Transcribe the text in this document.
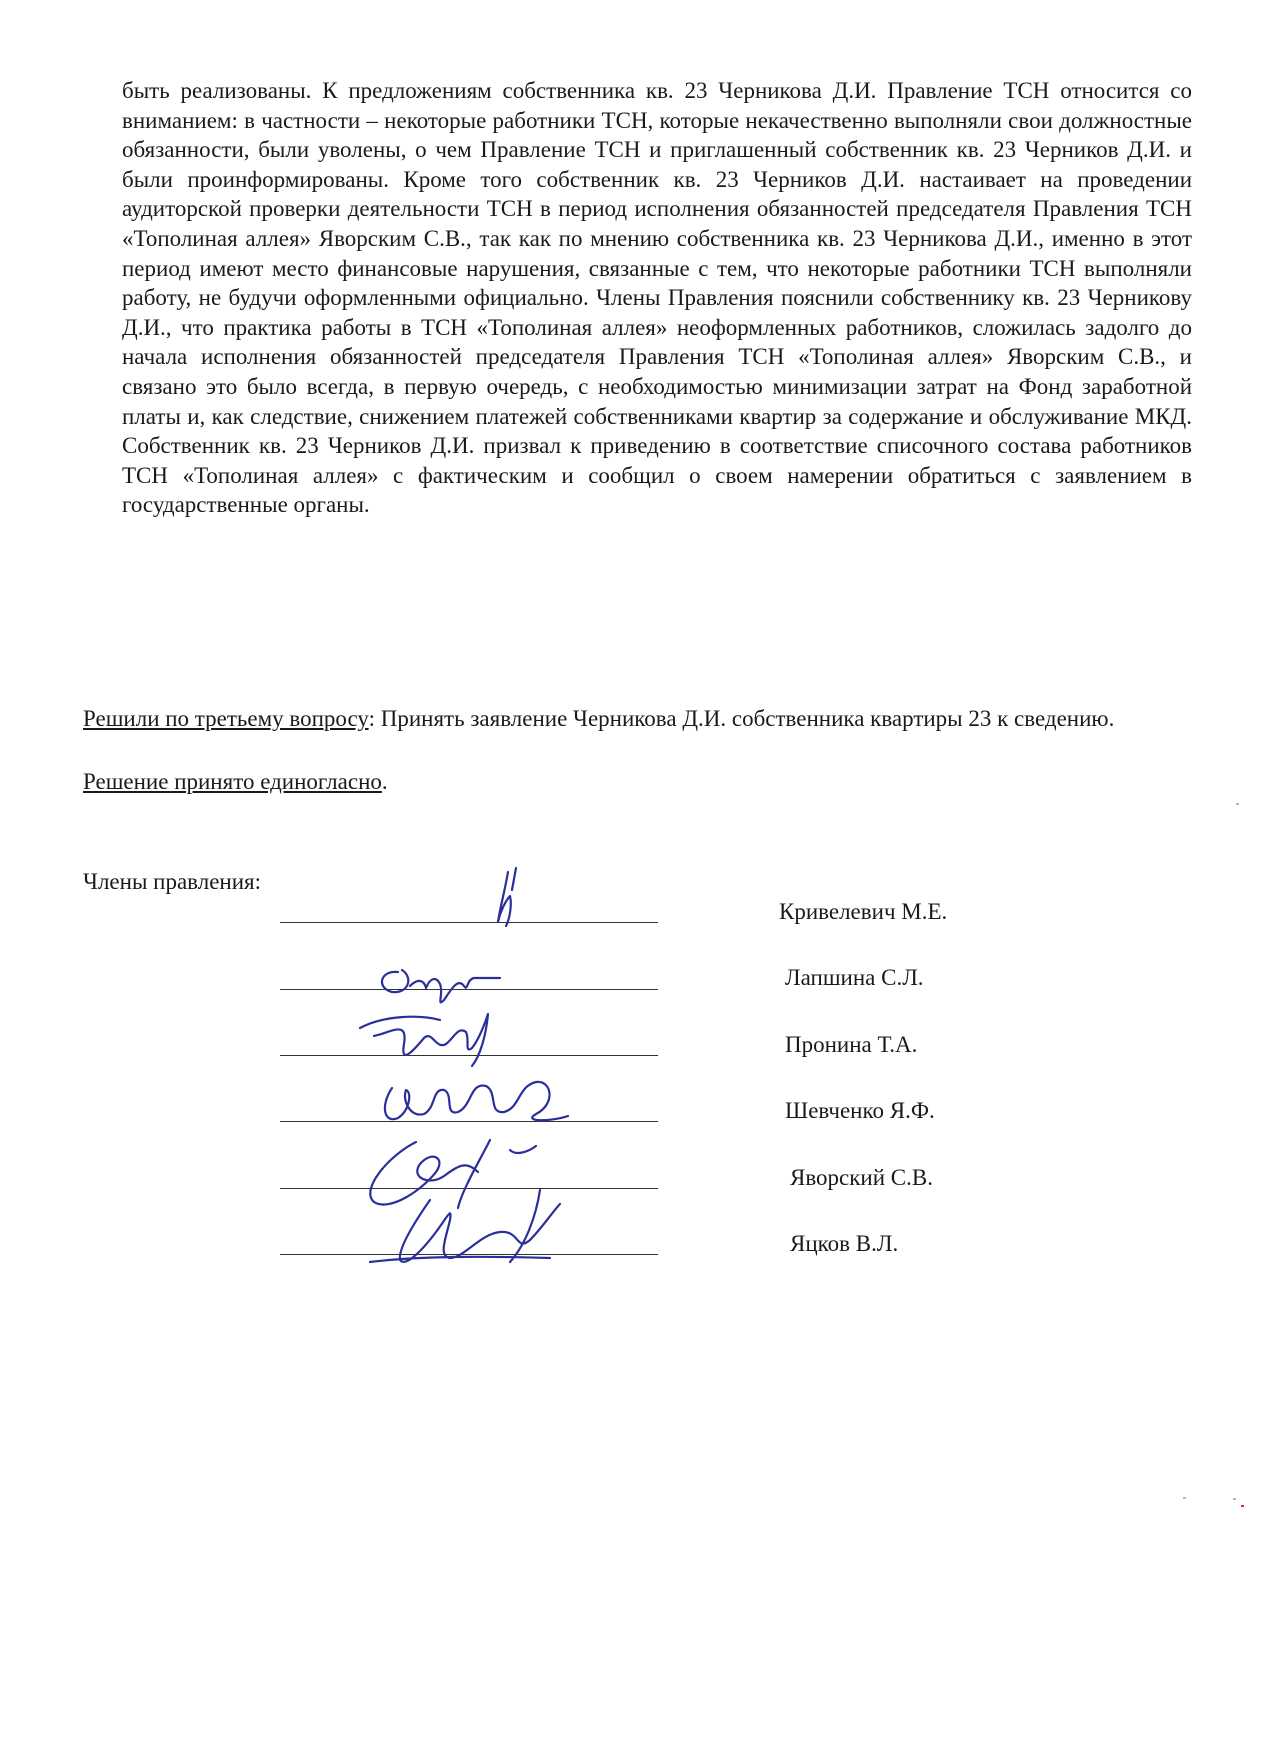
быть реализованы. К предложениям собственника кв. 23 Черникова Д.И. Правление ТСН относится со вниманием: в частности – некоторые работники ТСН, которые некачественно выполняли свои должностные обязанности, были уволены, о чем Правление ТСН и приглашенный собственник кв. 23 Черников Д.И. и были проинформированы. Кроме того собственник кв. 23 Черников Д.И. настаивает на проведении аудиторской проверки деятельности ТСН в период исполнения обязанностей председателя Правления ТСН «Тополиная аллея» Яворским С.В., так как по мнению собственника кв. 23 Черникова Д.И., именно в этот период имеют место финансовые нарушения, связанные с тем, что некоторые работники ТСН выполняли работу, не будучи оформленными официально. Члены Правления пояснили собственнику кв. 23 Черникову Д.И., что практика работы в ТСН «Тополиная аллея» неоформленных работников, сложилась задолго до начала исполнения обязанностей председателя Правления ТСН «Тополиная аллея» Яворским С.В., и связано это было всегда, в первую очередь, с необходимостью минимизации затрат на Фонд заработной платы и, как следствие, снижением платежей собственниками квартир за содержание и обслуживание МКД. Собственник кв. 23 Черников Д.И. призвал к приведению в соответствие списочного состава работников ТСН «Тополиная аллея» с фактическим и сообщил о своем намерении обратиться с заявлением в государственные органы.

Решили по третьему вопросу: Принять заявление Черникова Д.И. собственника квартиры 23 к сведению.

Решение принято единогласно.

Члены правления:

Кривелевич М.Е.
Лапшина С.Л.
Пронина Т.А.
Шевченко Я.Ф.
Яворский С.В.
Яцков В.Л.
